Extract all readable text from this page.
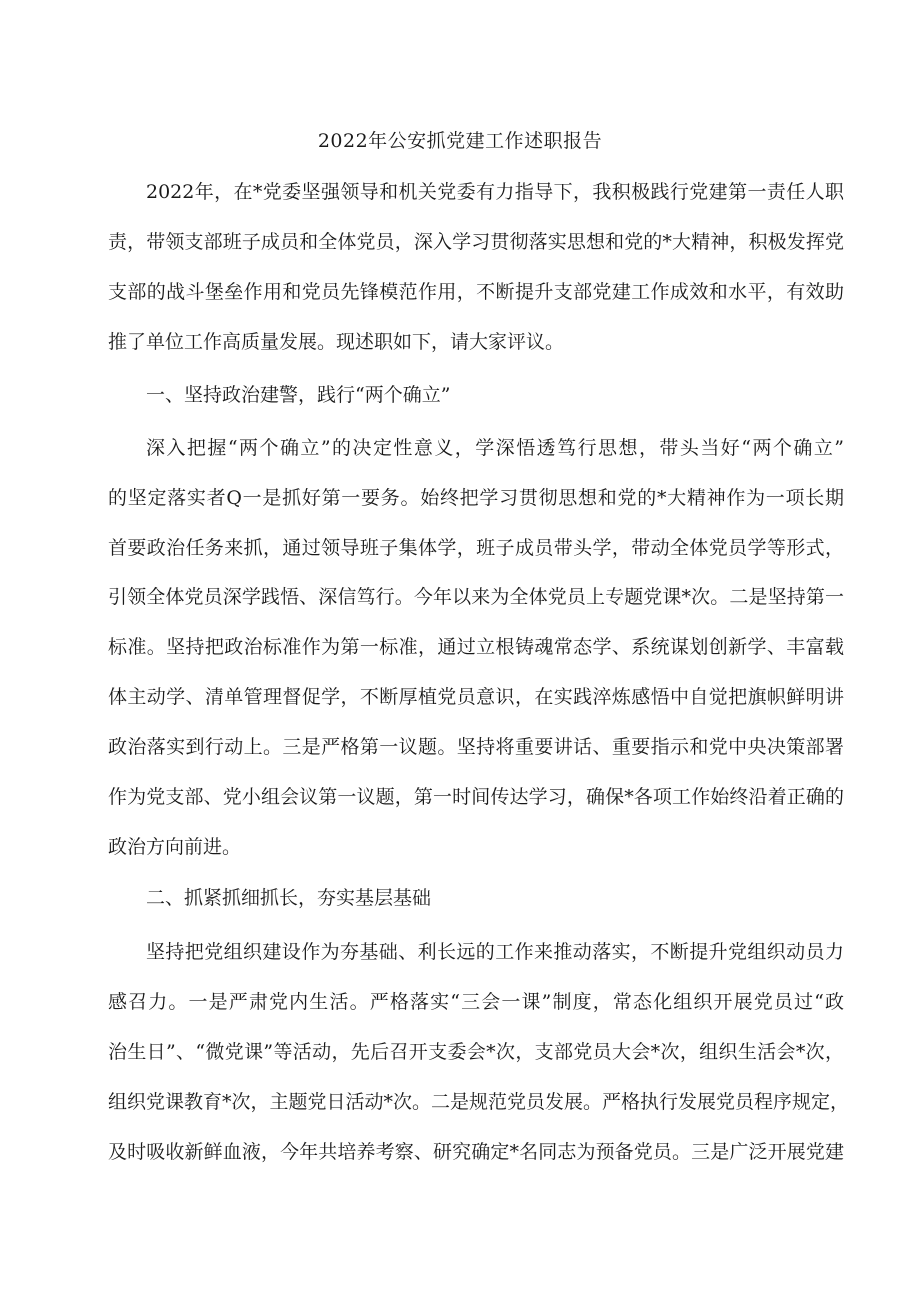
2022年公安抓党建工作述职报告
2022年，在*党委坚强领导和机关党委有力指导下，我积极践行党建第一责任人职
责，带领支部班子成员和全体党员，深入学习贯彻落实思想和党的*大精神，积极发挥党
支部的战斗堡垒作用和党员先锋模范作用，不断提升支部党建工作成效和水平，有效助
推了单位工作高质量发展。现述职如下，请大家评议。
一、坚持政治建警，践行“两个确立”
深入把握“两个确立”的决定性意义，学深悟透笃行思想，带头当好“两个确立”
的坚定落实者Q一是抓好第一要务。始终把学习贯彻思想和党的*大精神作为一项长期
首要政治任务来抓，通过领导班子集体学，班子成员带头学，带动全体党员学等形式，
引领全体党员深学践悟、深信笃行。今年以来为全体党员上专题党课*次。二是坚持第一
标准。坚持把政治标准作为第一标准，通过立根铸魂常态学、系统谋划创新学、丰富载
体主动学、清单管理督促学，不断厚植党员意识，在实践淬炼感悟中自觉把旗帜鲜明讲
政治落实到行动上。三是严格第一议题。坚持将重要讲话、重要指示和党中央决策部署
作为党支部、党小组会议第一议题，第一时间传达学习，确保*各项工作始终沿着正确的
政治方向前进。
二、抓紧抓细抓长，夯实基层基础
坚持把党组织建设作为夯基础、利长远的工作来推动落实，不断提升党组织动员力
感召力。一是严肃党内生活。严格落实“三会一课”制度，常态化组织开展党员过“政
治生日”、“微党课”等活动，先后召开支委会*次，支部党员大会*次，组织生活会*次，
组织党课教育*次，主题党日活动*次。二是规范党员发展。严格执行发展党员程序规定，
及时吸收新鲜血液，今年共培养考察、研究确定*名同志为预备党员。三是广泛开展党建
